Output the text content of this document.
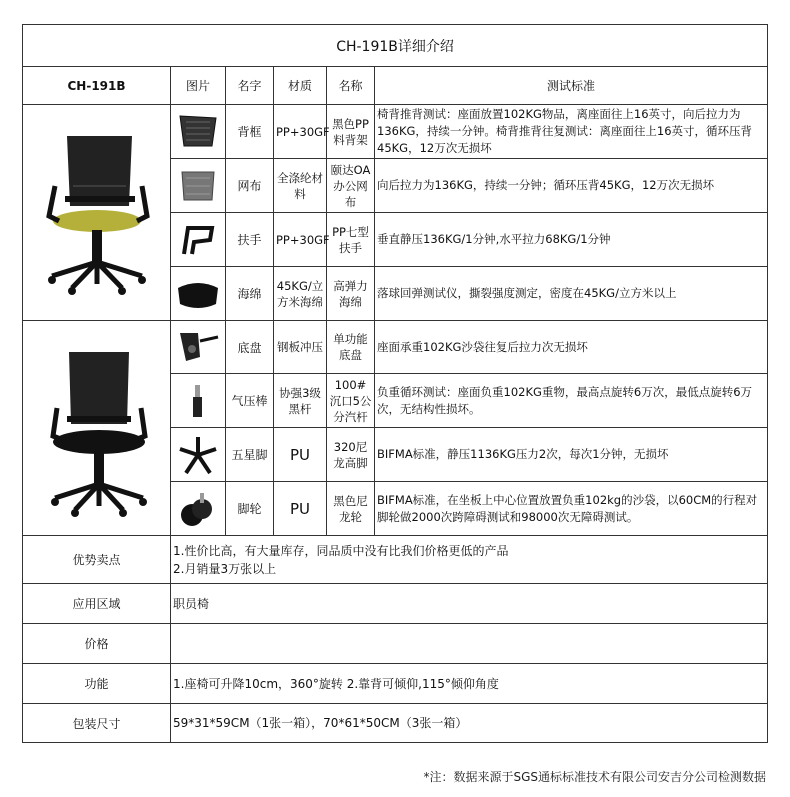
CH-191B详细介绍					
CH-191B	图片	名字	材质	名称	测试标准

	背框	PP+30GF	黑色PP料背架	椅背推背测试：座面放置102KG物品，离座面往上16英寸，向后拉力为136KG，持续一分钟。椅背推背往复测试：离座面往上16英寸，循环压背45KG，12万次无损坏

	网布	全涤纶材料	颐达OA办公网布	向后拉力为136KG，持续一分钟；循环压背45KG，12万次无损坏

	扶手	PP+30GF	PP七型扶手	垂直静压136KG/1分钟,水平拉力68KG/1分钟

	海绵	45KG/立方米海绵	高弹力海绵	落球回弹测试仪，撕裂强度测定，密度在45KG/立方米以上

	底盘	钢板冲压	单功能底盘	座面承重102KG沙袋往复后拉力次无损坏

	气压棒	协强3级黑杆	100#沉口5公分汽杆	负重循环测试：座面负重102KG重物，最高点旋转6万次，最低点旋转6万次，无结构性损坏。

	五星脚	PU	320尼龙高脚	BIFMA标准，静压1136KG压力2次，每次1分钟，无损坏

	脚轮	PU	黑色尼龙轮	BIFMA标准，在坐板上中心位置放置负重102kg的沙袋，以60CM的行程对脚轮做2000次跨障碍测试和98000次无障碍测试。
优势卖点	1.性价比高，有大量库存，同品质中没有比我们价格更低的产品
2.月销量3万张以上				

应用区域	职员椅				
价格					
功能	1.座椅可升降10cm，360°旋转 2.靠背可倾仰,115°倾仰角度				
包装尺寸	59*31*59CM（1张一箱），70*61*50CM（3张一箱）				
*注：数据来源于SGS通标标准技术有限公司安吉分公司检测数据
